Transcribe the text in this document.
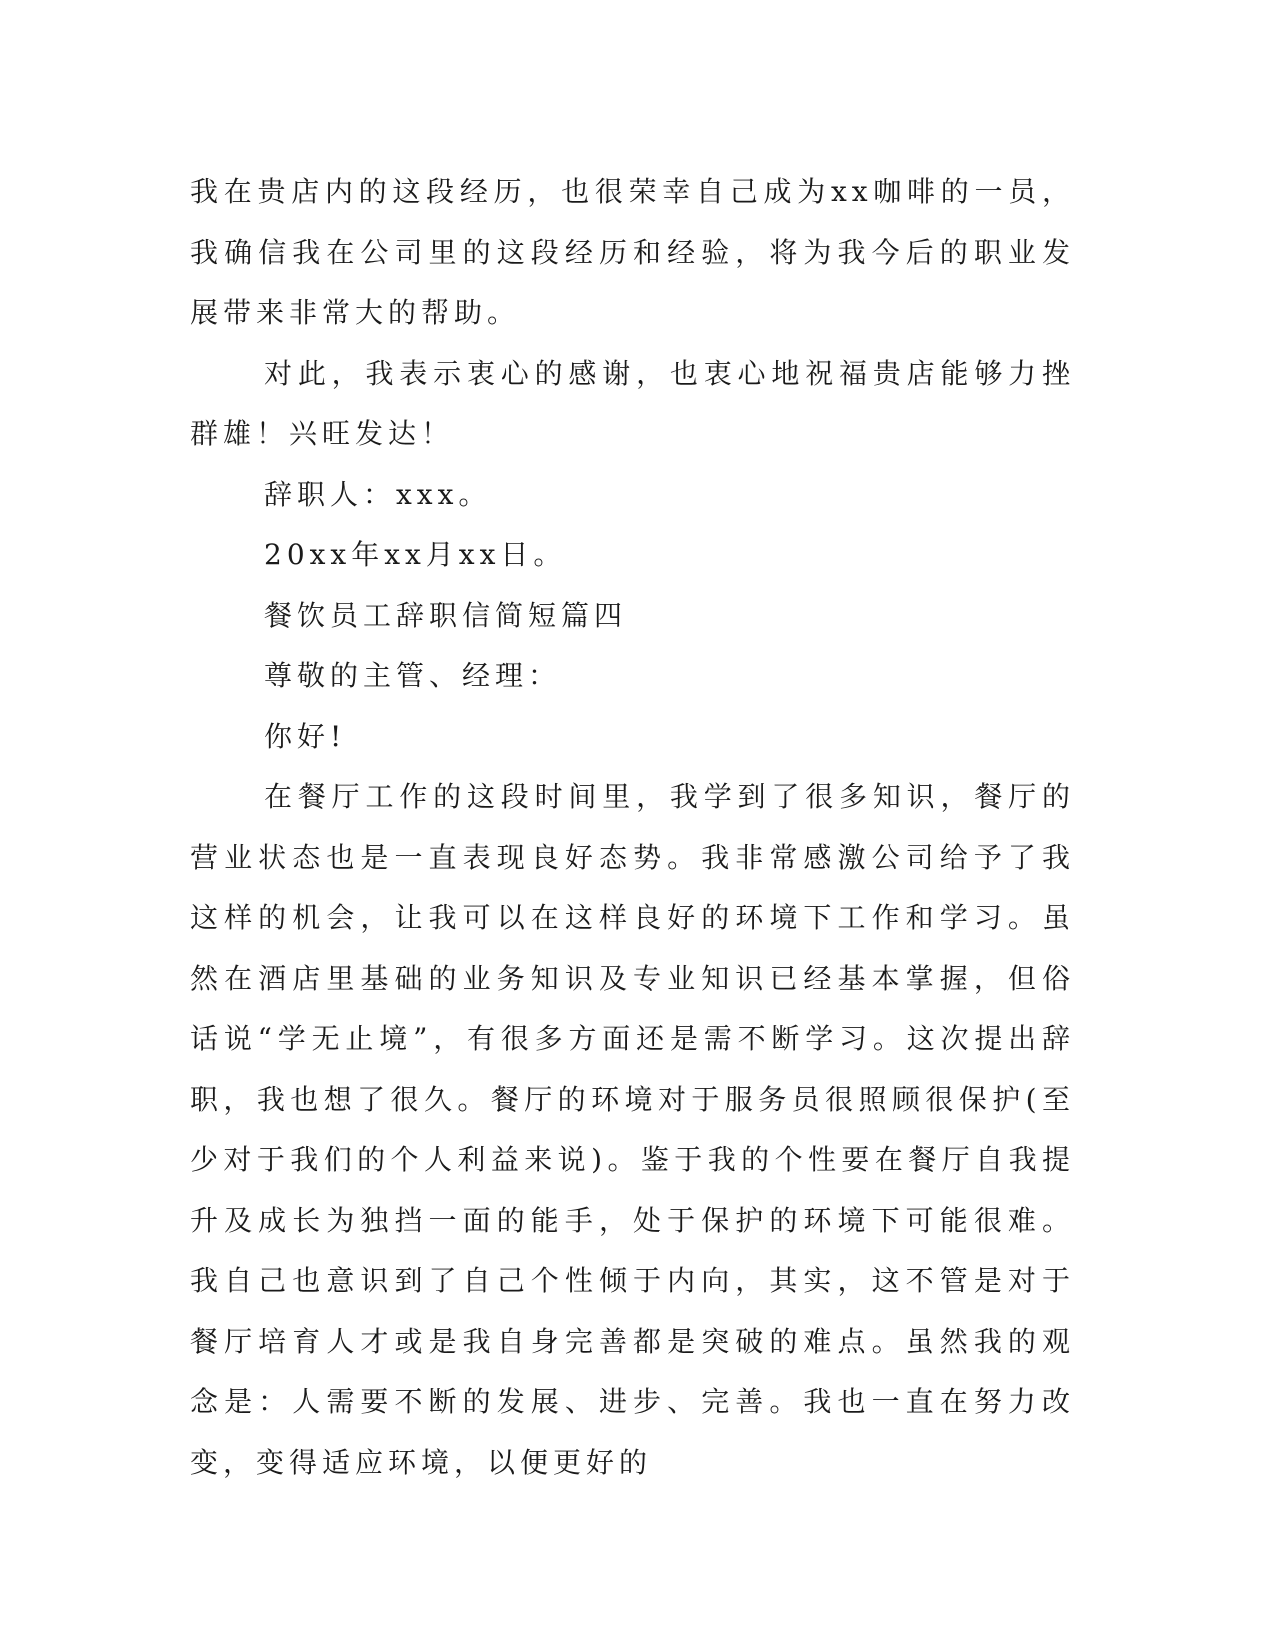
我在贵店内的这段经历，也很荣幸自己成为xx咖啡的一员，我确信我在公司里的这段经历和经验，将为我今后的职业发展带来非常大的帮助。

对此，我表示衷心的感谢，也衷心地祝福贵店能够力挫群雄！兴旺发达！

辞职人：xxx。

20xx年xx月xx日。

餐饮员工辞职信简短篇四

尊敬的主管、经理：

你好!

在餐厅工作的这段时间里，我学到了很多知识，餐厅的营业状态也是一直表现良好态势。我非常感激公司给予了我这样的机会，让我可以在这样良好的环境下工作和学习。虽然在酒店里基础的业务知识及专业知识已经基本掌握，但俗话说“学无止境”，有很多方面还是需不断学习。这次提出辞职，我也想了很久。餐厅的环境对于服务员很照顾很保护(至少对于我们的个人利益来说)。鉴于我的个性要在餐厅自我提升及成长为独挡一面的能手，处于保护的环境下可能很难。我自己也意识到了自己个性倾于内向，其实，这不管是对于餐厅培育人才或是我自身完善都是突破的难点。虽然我的观念是：人需要不断的发展、进步、完善。我也一直在努力改变，变得适应环境，以便更好的
